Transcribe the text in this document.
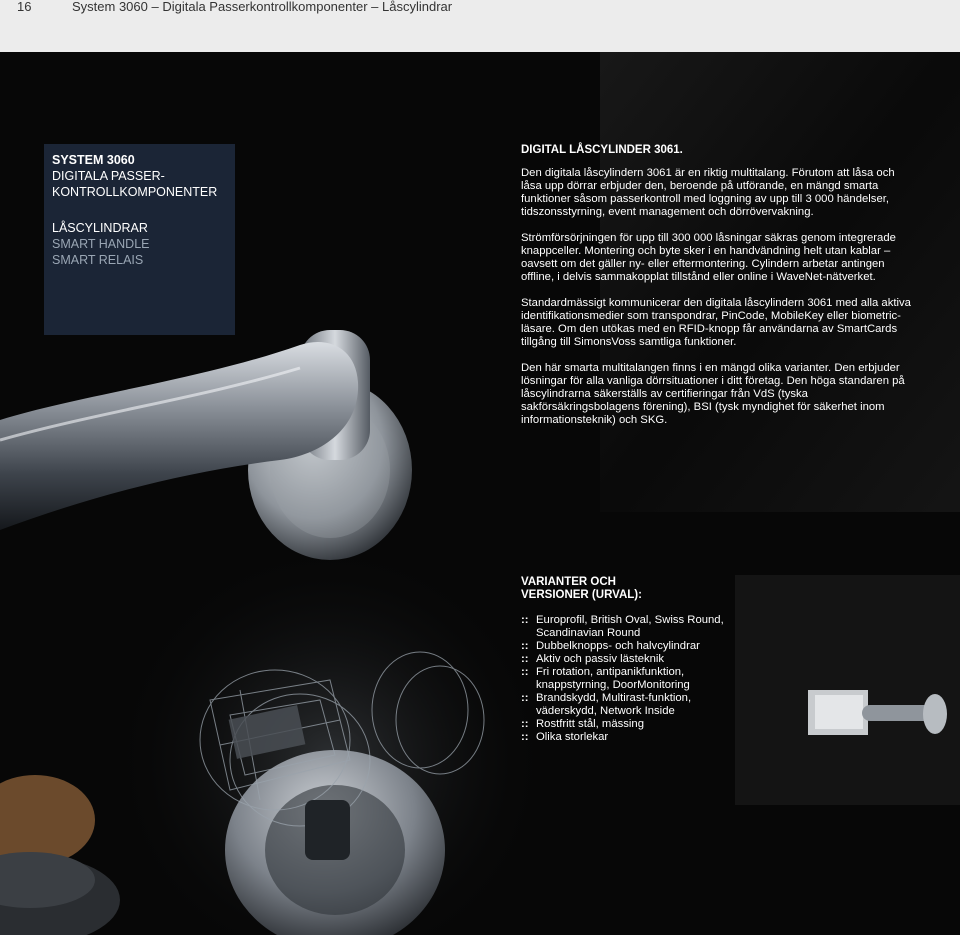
16	System 3060 – Digitala Passerkontrollkomponenter – Låscylindrar
SYSTEM 3060
DIGITALA PASSER-
KONTROLLKOMPONENTER
LÅSCYLINDRAR
SMART HANDLE
SMART RELAIS
DIGITAL LÅSCYLINDER 3061.

Den digitala låscylindern 3061 är en riktig multitalang. Förutom att låsa och låsa upp dörrar erbjuder den, beroende på utförande, en mängd smarta funktioner såsom passerkontroll med loggning av upp till 3 000 händelser, tidszonsstyrning, event management och dörrövervakning.

Strömförsörjningen för upp till 300 000 låsningar säkras genom integrerade knappceller. Montering och byte sker i en handvändning helt utan kablar – oavsett om det gäller ny- eller eftermontering. Cylindern arbetar antingen offline, i delvis sammakopplat tillstånd eller online i WaveNet-nätverket.

Standardmässigt kommunicerar den digitala låscylindern 3061 med alla aktiva identifikationsmedier som transpondrar, PinCode, MobileKey eller biometric-läsare. Om den utökas med en RFID-knopp får användarna av SmartCards tillgång till SimonsVoss samtliga funktioner.

Den här smarta multitalangen finns i en mängd olika varianter. Den erbjuder lösningar för alla vanliga dörrsituationer i ditt företag. Den höga standaren på låscylindrarna säkerställs av certifieringar från VdS (tyska sakförsäkringsbolagens förening), BSI (tysk myndighet för säkerhet inom informationsteknik) och SKG.

VARIANTER OCH
VERSIONER (URVAL):
:: Europrofil, British Oval, Swiss Round, Scandinavian Round
:: Dubbelknopps- och halvcylindrar
:: Aktiv och passiv lästeknik
:: Fri rotation, antipanikfunktion, knappstyrning, DoorMonitoring
:: Brandskydd, Multirast-funktion, väderskydd, Network Inside
:: Rostfritt stål, mässing
:: Olika storlekar
